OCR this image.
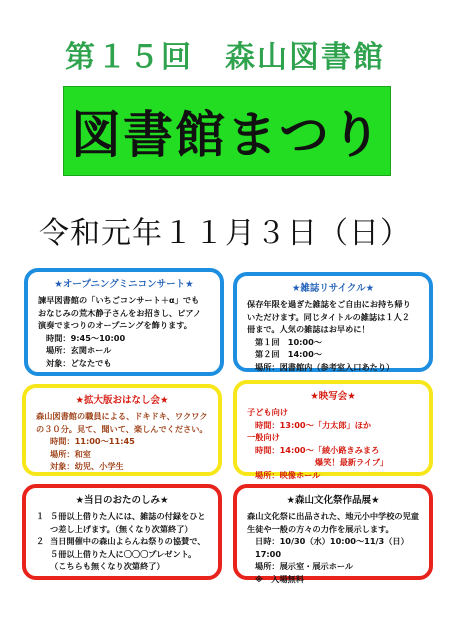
第１５回　森山図書館
図書館まつり
令和元年１１月３日（日）
★オープニングミニコンサート★
諫早図書館の「いちごコンサート＋α」でも
おなじみの荒木静子さんをお招きし、ピアノ
演奏でまつりのオープニングを飾ります。
時間：9:45～10:00
場所：玄関ホール
対象：どなたでも
★雑誌リサイクル★
保存年限を過ぎた雑誌をご自由にお持ち帰り
いただけます。同じタイトルの雑誌は１人２
冊まで。人気の雑誌はお早めに！
第１回　10:00～
第２回　14:00～
場所：図書館内（参考室入口あたり）
★拡大版おはなし会★
森山図書館の職員による、ドキドキ、ワクワク
の３０分。見て、聞いて、楽しんでください。
時間：11:00～11:45
場所：和室
対象：幼児、小学生
★映写会★
子ども向け
時間：13:00～「力太郎」ほか
一般向け
時間：14:00～「綾小路きみまろ
爆笑！最新ライブ」
場所：映像ホール
★当日のおたのしみ★
１ ５冊以上借りた人には、雑誌の付録をひと
つ差し上げます。（無くなり次第終了）
２ 当日開催中の森山よらんね祭りの協賛で、
５冊以上借りた人に〇〇〇プレゼント。
（こちらも無くなり次第終了）
★森山文化祭作品展★
森山文化祭に出品された、地元小中学校の児童
生徒や一般の方々の力作を展示します。
日時：10/30（水）10:00～11/3（日）17:00
場所：展示室・展示ホール
※　入場無料
